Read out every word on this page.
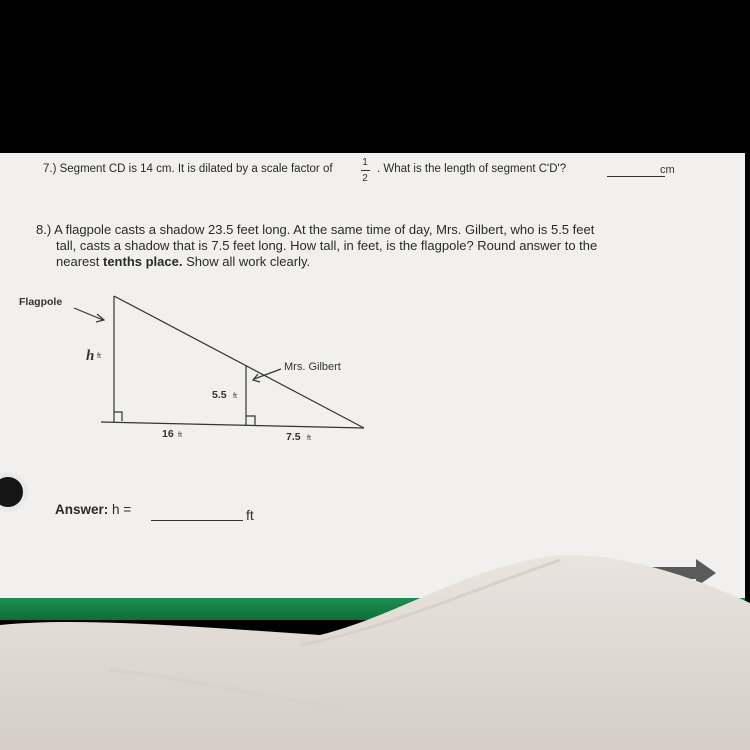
7.) Segment CD is 14 cm. It is dilated by a scale factor of
1
2
. What is the length of segment C'D'?	cm

8.) A flagpole casts a shadow 23.5 feet long. At the same time of day, Mrs. Gilbert, who is 5.5 feet

tall, casts a shadow that is 7.5 feet long. How tall, in feet, is the flagpole? Round answer to the

nearest tenths place. Show all work clearly.

Flagpole
h ft
Mrs. Gilbert
5.5 ft
16 ft	7.5 ft
Answer: h =	ft
